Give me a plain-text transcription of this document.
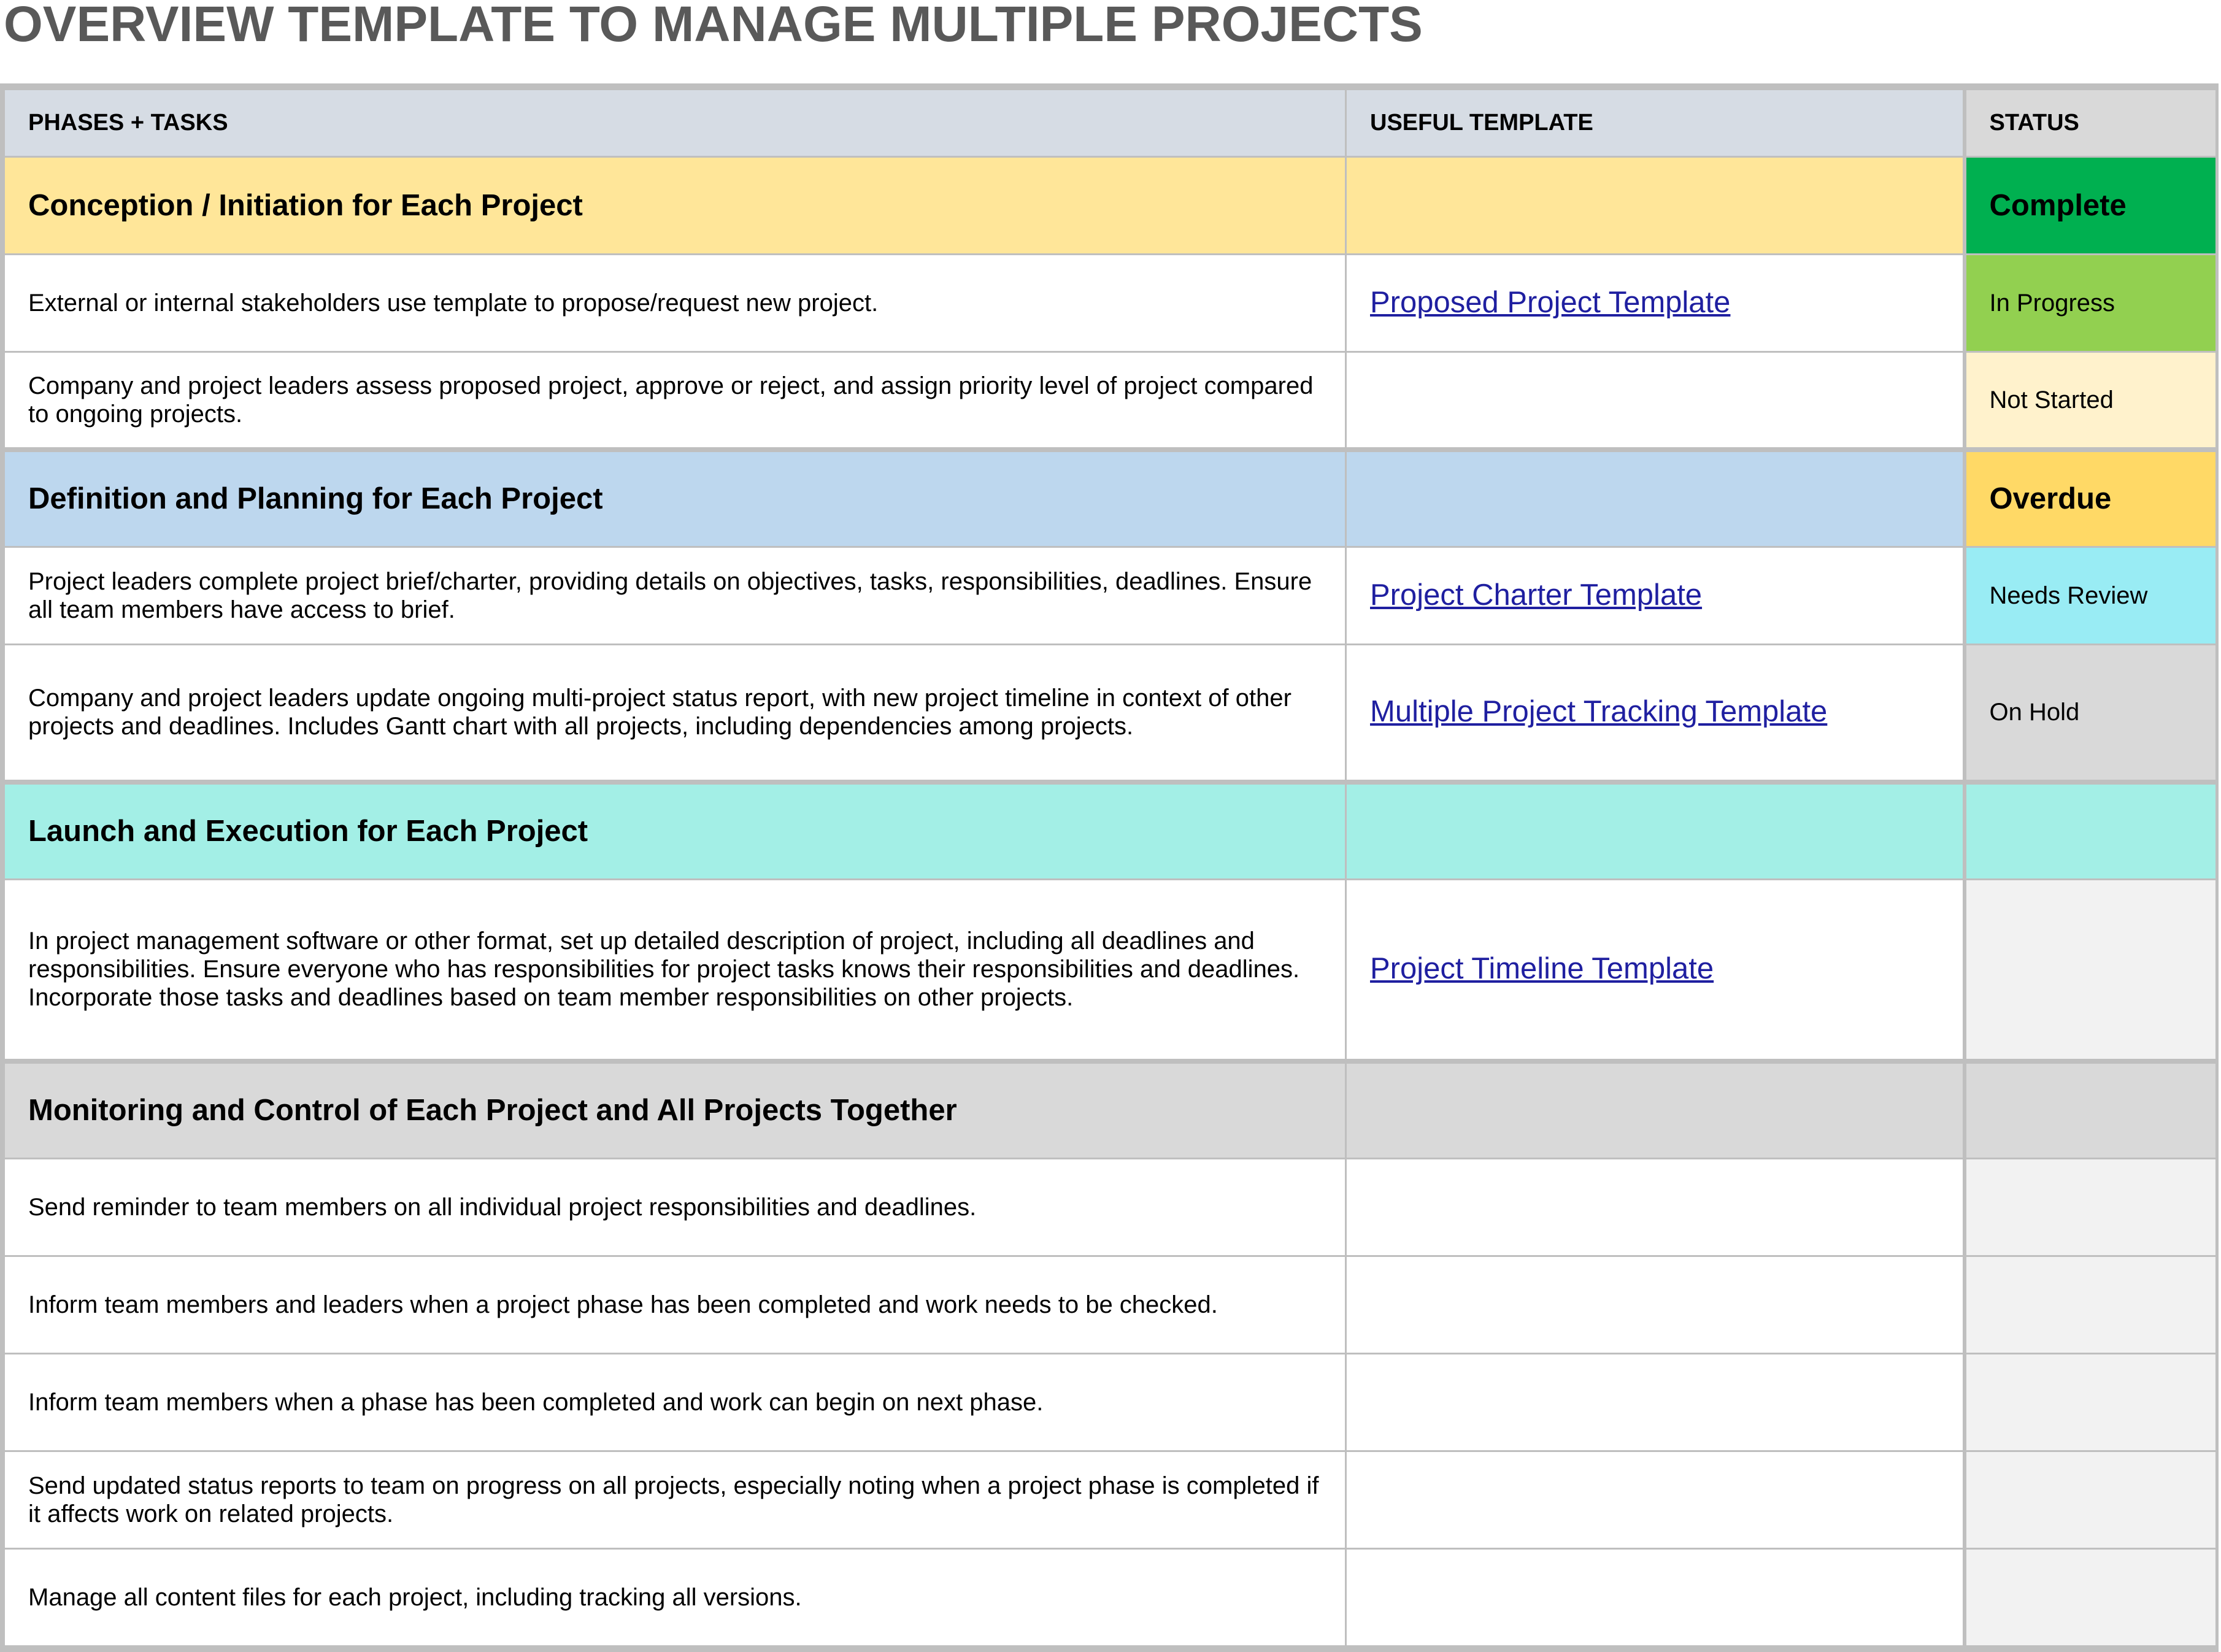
OVERVIEW TEMPLATE TO MANAGE MULTIPLE PROJECTS
PHASES + TASKS	USEFUL TEMPLATE	STATUS
Conception / Initiation for Each Project		Complete
External or internal stakeholders use template to propose/request new project.	Proposed Project Template	In Progress
Company and project leaders assess proposed project, approve or reject, and assign priority level of project compared to ongoing projects.		Not Started
Definition and Planning for Each Project		Overdue
Project leaders complete project brief/charter, providing details on objectives, tasks, responsibilities, deadlines. Ensure all team members have access to brief.	Project Charter Template	Needs Review
Company and project leaders update ongoing multi-project status report, with new project timeline in context of other projects and deadlines. Includes Gantt chart with all projects, including dependencies among projects.	Multiple Project Tracking Template	On Hold
Launch and Execution for Each Project		
In project management software or other format, set up detailed description of project, including all deadlines and responsibilities. Ensure everyone who has responsibilities for project tasks knows their responsibilities and deadlines. Incorporate those tasks and deadlines based on team member responsibilities on other projects.	Project Timeline Template	
Monitoring and Control of Each Project and All Projects Together		
Send reminder to team members on all individual project responsibilities and deadlines.		
Inform team members and leaders when a project phase has been completed and work needs to be checked.		
Inform team members when a phase has been completed and work can begin on next phase.		
Send updated status reports to team on progress on all projects, especially noting when a project phase is completed if it affects work on related projects.		
Manage all content files for each project, including tracking all versions.		
